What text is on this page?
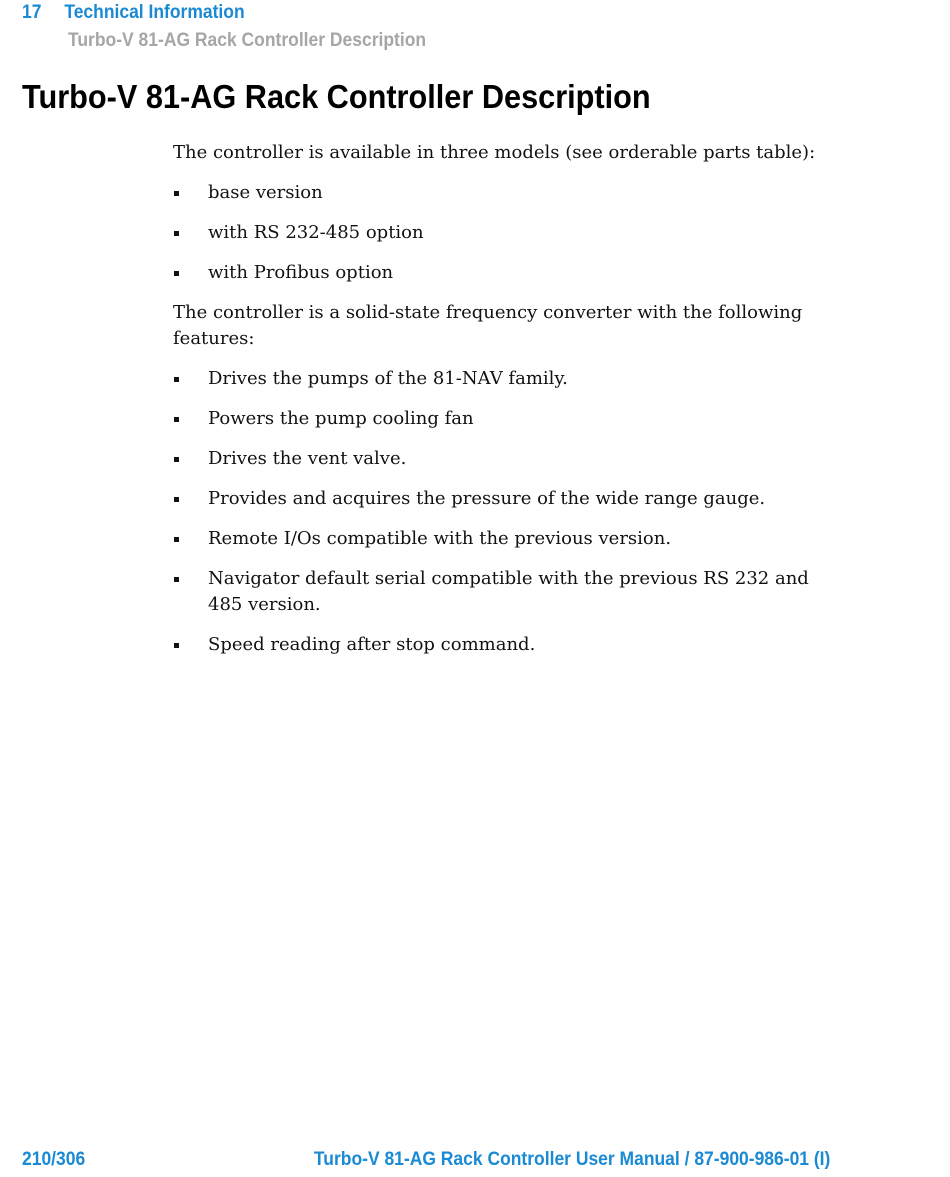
17 Technical Information
Turbo-V 81-AG Rack Controller Description
Turbo-V 81-AG Rack Controller Description

The controller is available in three models (see orderable parts table):

base version
with RS 232-485 option
with Profibus option

The controller is a solid-state frequency converter with the following features:

Drives the pumps of the 81-NAV family.
Powers the pump cooling fan
Drives the vent valve.
Provides and acquires the pressure of the wide range gauge.
Remote I/Os compatible with the previous version.
Navigator default serial compatible with the previous RS 232 and 485 version.
Speed reading after stop command.
210/306	Turbo-V 81-AG Rack Controller User Manual / 87-900-986-01 (I)
